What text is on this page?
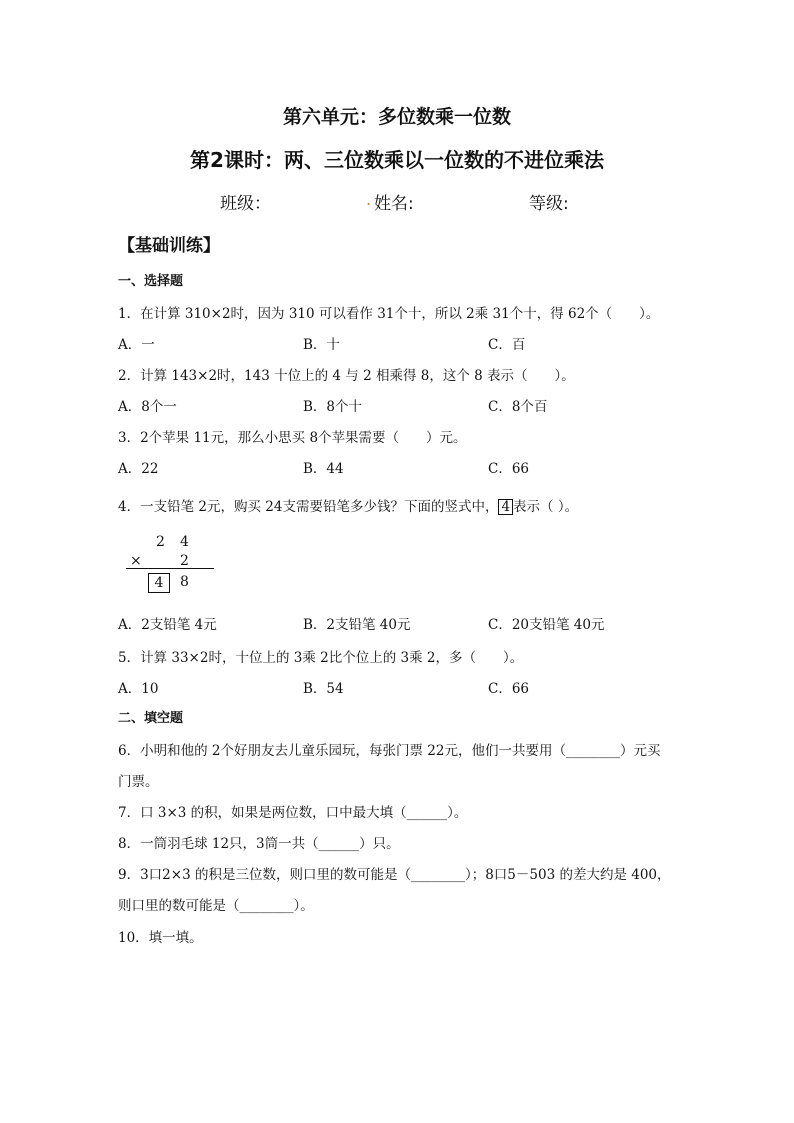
第六单元：多位数乘一位数
第2课时：两、三位数乘以一位数的不进位乘法
班级：	. 姓名:	等级:
【基础训练】
一、选择题
1．在计算 310×2时，因为 310 可以看作 31个十，所以 2乘 31个十，得 62个（　　）。
A．一	B．十	C．百
2．计算 143×2时，143 十位上的 4 与 2 相乘得 8，这个 8 表示（　　）。
A．8个一	B．8个十	C．8个百
3．2个苹果 11元，那么小思买 8个苹果需要（　　）元。
A．22	B．44	C．66
4．一支铅笔 2元，购买 24支需要铅笔多少钱？下面的竖式中， 4 表示（ ）。
2 4
×	2
4	8
A．2支铅笔 4元	B．2支铅笔 40元	C．20支铅笔 40元
5．计算 33×2时，十位上的 3乘 2比个位上的 3乘 2，多（　　）。
A．10	B．54	C．66
二、填空题
6．小明和他的 2个好朋友去儿童乐园玩，每张门票 22元，他们一共要用（________）元买
门票。
7．口 3×3 的积，如果是两位数，口中最大填（______）。
8．一筒羽毛球 12只，3筒一共（______）只。
9．3口2×3 的积是三位数，则口里的数可能是（________）；8口5－503 的差大约是 400，
则口里的数可能是（________）。
10．填一填。
